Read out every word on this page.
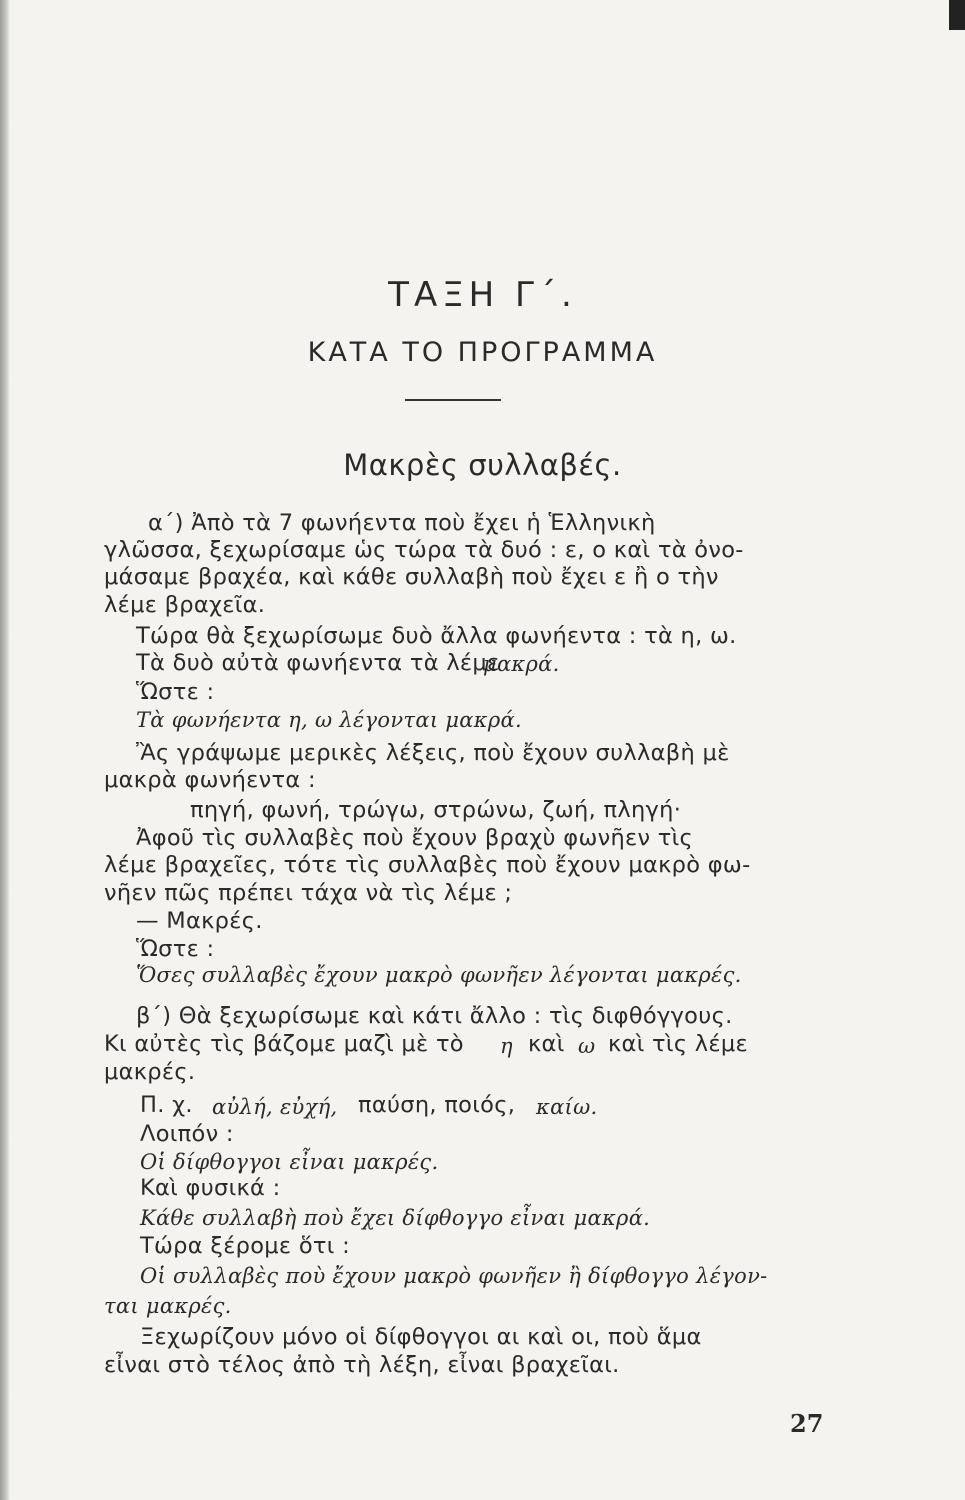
ΤΑΞΗ Γ΄.
ΚΑΤΑ ΤΟ ΠΡΟΓΡΑΜΜΑ
Μακρὲς συλλαβές.
α΄) Ἀπὸ τὰ 7 φωνήεντα ποὺ ἔχει ἡ Ἑλληνικὴ
γλῶσσα, ξεχωρίσαμε ὡς τώρα τὰ δυό : ε, ο καὶ τὰ ὀνο-
μάσαμε βραχέα, καὶ κάθε συλλαβὴ ποὺ ἔχει ε ἢ ο τὴν
λέμε βραχεῖα.
Τώρα θὰ ξεχωρίσωμε δυὸ ἄλλα φωνήεντα : τὰ η, ω.
Τὰ δυὸ αὐτὰ φωνήεντα τὰ λέμε
μακρά.
Ὥστε :
Τὰ φωνήεντα η, ω λέγονται μακρά.
Ἂς γράψωμε μερικὲς λέξεις, ποὺ ἔχουν συλλαβὴ μὲ
μακρὰ φωνήεντα :
πηγή, φωνή, τρώγω, στρώνω, ζωή, πληγή·
Ἀφοῦ τὶς συλλαβὲς ποὺ ἔχουν βραχὺ φωνῆεν τὶς
λέμε βραχεῖες, τότε τὶς συλλαβὲς ποὺ ἔχουν μακρὸ φω-
νῆεν πῶς πρέπει τάχα νὰ τὶς λέμε ;
— Μακρές.
Ὥστε :
Ὅσες συλλαβὲς ἔχουν μακρὸ φωνῆεν λέγονται μακρές.
β΄) Θὰ ξεχωρίσωμε καὶ κάτι ἄλλο : τὶς διφθόγγους.
Κι αὐτὲς τὶς βάζομε μαζὶ μὲ τὸ η καὶ ω καὶ τὶς λέμε
μακρές.
Π. χ. αὐλή, εὐχή, παύση, ποιός, καίω.
Λοιπόν :
Οἱ δίφθογγοι εἶναι μακρές.
Καὶ φυσικά :
Κάθε συλλαβὴ ποὺ ἔχει δίφθογγο εἶναι μακρά.
Τώρα ξέρομε ὅτι :
Οἱ συλλαβὲς ποὺ ἔχουν μακρὸ φωνῆεν ἢ δίφθογγο λέγον-
ται μακρές.
Ξεχωρίζουν μόνο οἱ δίφθογγοι αι καὶ οι, ποὺ ἅμα
εἶναι στὸ τέλος ἀπὸ τὴ λέξη, εἶναι βραχεῖαι.
27
